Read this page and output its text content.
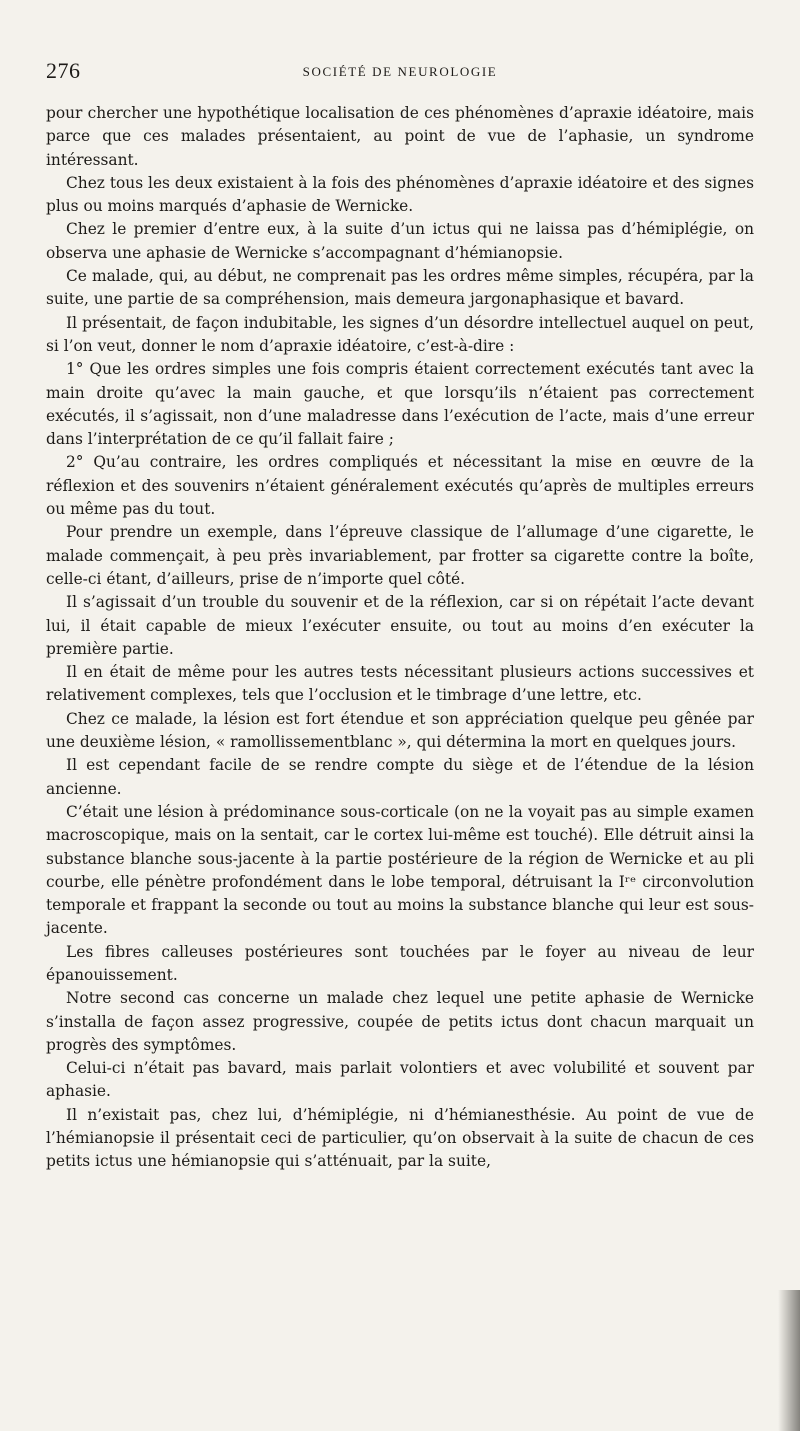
276	SOCIÉTÉ DE NEUROLOGIE

pour chercher une hypothétique localisation de ces phénomènes d’apraxie idéatoire, mais parce que ces malades présentaient, au point de vue de l’aphasie, un syndrome intéressant.

Chez tous les deux existaient à la fois des phénomènes d’apraxie idéatoire et des signes plus ou moins marqués d’aphasie de Wernicke.

Chez le premier d’entre eux, à la suite d’un ictus qui ne laissa pas d’hémiplégie, on observa une aphasie de Wernicke s’accompagnant d’hémianopsie.

Ce malade, qui, au début, ne comprenait pas les ordres même simples, récupéra, par la suite, une partie de sa compréhension, mais demeura jargonaphasique et bavard.

Il présentait, de façon indubitable, les signes d’un désordre intellectuel auquel on peut, si l’on veut, donner le nom d’apraxie idéatoire, c’est-à-dire :

1° Que les ordres simples une fois compris étaient correctement exécutés tant avec la main droite qu’avec la main gauche, et que lorsqu’ils n’étaient pas correctement exécutés, il s’agissait, non d’une maladresse dans l’exécution de l’acte, mais d’une erreur dans l’interprétation de ce qu’il fallait faire ;

2° Qu’au contraire, les ordres compliqués et nécessitant la mise en œuvre de la réflexion et des souvenirs n’étaient généralement exécutés qu’après de multiples erreurs ou même pas du tout.

Pour prendre un exemple, dans l’épreuve classique de l’allumage d’une cigarette, le malade commençait, à peu près invariablement, par frotter sa cigarette contre la boîte, celle-ci étant, d’ailleurs, prise de n’importe quel côté.

Il s’agissait d’un trouble du souvenir et de la réflexion, car si on répétait l’acte devant lui, il était capable de mieux l’exécuter ensuite, ou tout au moins d’en exécuter la première partie.

Il en était de même pour les autres tests nécessitant plusieurs actions successives et relativement complexes, tels que l’occlusion et le timbrage d’une lettre, etc.

Chez ce malade, la lésion est fort étendue et son appréciation quelque peu gênée par une deuxième lésion, « ramollissementblanc », qui détermina la mort en quelques jours.

Il est cependant facile de se rendre compte du siège et de l’étendue de la lésion ancienne.

C’était une lésion à prédominance sous-corticale (on ne la voyait pas au simple examen macroscopique, mais on la sentait, car le cortex lui-même est touché). Elle détruit ainsi la substance blanche sous-jacente à la partie postérieure de la région de Wernicke et au pli courbe, elle pénètre profondément dans le lobe temporal, détruisant la Iʳᵉ circonvolution temporale et frappant la seconde ou tout au moins la substance blanche qui leur est sous-jacente.

Les fibres calleuses postérieures sont touchées par le foyer au niveau de leur épanouissement.

Notre second cas concerne un malade chez lequel une petite aphasie de Wernicke s’installa de façon assez progressive, coupée de petits ictus dont chacun marquait un progrès des symptômes.

Celui-ci n’était pas bavard, mais parlait volontiers et avec volubilité et souvent par aphasie.

Il n’existait pas, chez lui, d’hémiplégie, ni d’hémianesthésie. Au point de vue de l’hémianopsie il présentait ceci de particulier, qu’on observait à la suite de chacun de ces petits ictus une hémianopsie qui s’atténuait, par la suite,
